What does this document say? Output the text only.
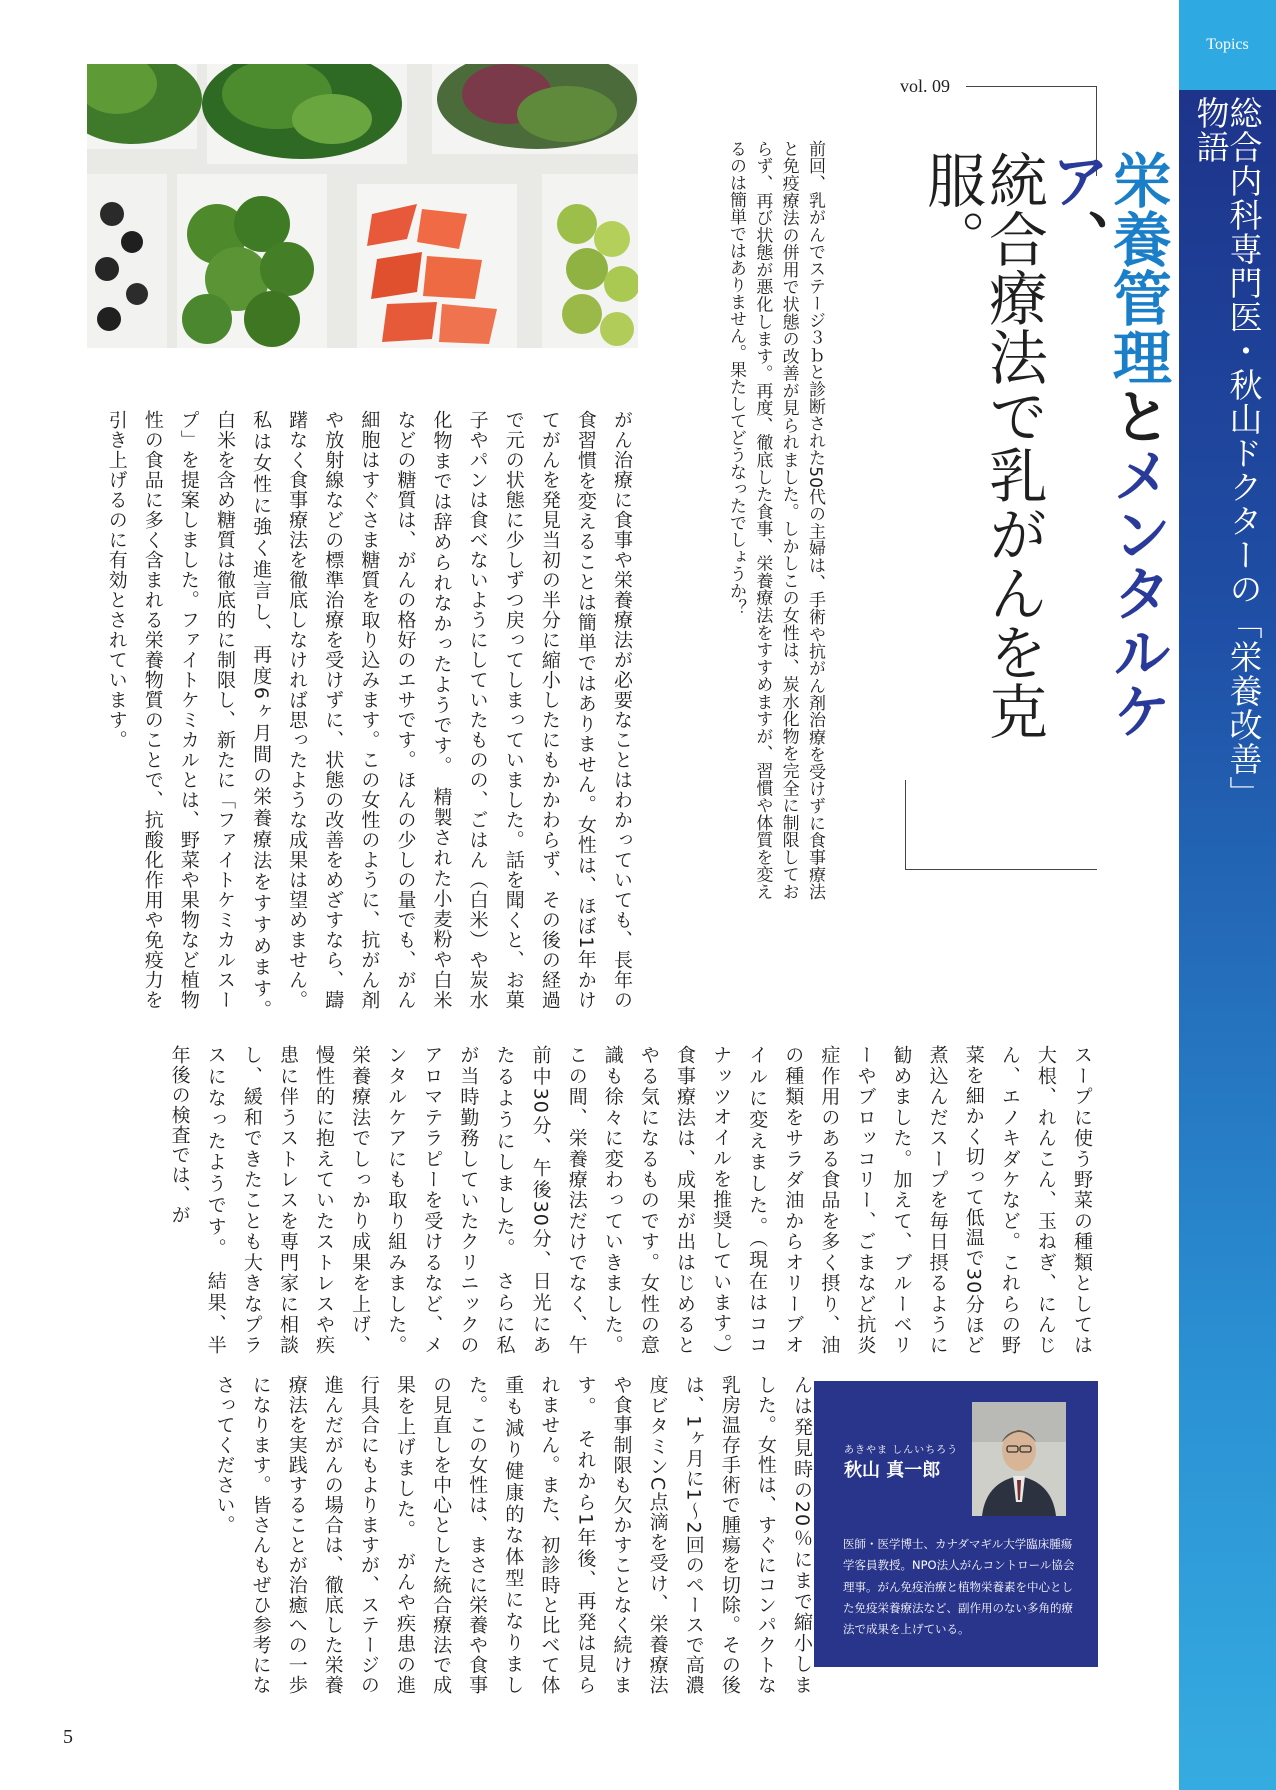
Topics
総合内科専門医・秋山ドクターの「栄養改善」物語
vol. 09
栄養管理とメンタルケア、
統合療法で乳がんを克服。
前回、乳がんでステージ３ｂと診断された50代の主婦は、手術や抗がん剤治療を受けずに食事療法と免疫療法の併用で状態の改善が見られました。しかしこの女性は、炭水化物を完全に制限しておらず、再び状態が悪化します。再度、徹底した食事、栄養療法をすすめますが、習慣や体質を変えるのは簡単ではありません。果たしてどうなったでしょうか？
がん治療に食事や栄養療法が必要なことはわかっていても、長年の食習慣を変えることは簡単ではありません。女性は、ほぼ1年かけてがんを発見当初の半分に縮小したにもかかわらず、その後の経過で元の状態に少しずつ戻ってしまっていました。話を聞くと、お菓子やパンは食べないようにしていたものの、ごはん（白米）や炭水化物までは辞められなかったようです。　精製された小麦粉や白米などの糖質は、がんの格好のエサです。ほんの少しの量でも、がん細胞はすぐさま糖質を取り込みます。この女性のように、抗がん剤や放射線などの標準治療を受けずに、状態の改善をめざすなら、躊躇なく食事療法を徹底しなければ思ったような成果は望めません。私は女性に強く進言し、再度6ヶ月間の栄養療法をすすめます。　白米を含め糖質は徹底的に制限し、新たに「ファイトケミカルスープ」を提案しました。ファイトケミカルとは、野菜や果物など植物性の食品に多く含まれる栄養物質のことで、抗酸化作用や免疫力を引き上げるのに有効とされています。
スープに使う野菜の種類としては大根、れんこん、玉ねぎ、にんじん、エノキダケなど。これらの野菜を細かく切って低温で30分ほど煮込んだスープを毎日摂るように勧めました。加えて、ブルーベリーやブロッコリー、ごまなど抗炎症作用のある食品を多く摂り、油の種類をサラダ油からオリーブオイルに変えました。（現在はココナッツオイルを推奨しています。）　食事療法は、成果が出はじめるとやる気になるものです。女性の意識も徐々に変わっていきました。この間、栄養療法だけでなく、午前中30分、午後30分、日光にあたるようにしました。　さらに私が当時勤務していたクリニックのアロマテラピーを受けるなど、メンタルケアにも取り組みました。栄養療法でしっかり成果を上げ、慢性的に抱えていたストレスや疾患に伴うストレスを専門家に相談し、緩和できたことも大きなプラスになったようです。　結果、半年後の検査では、が
んは発見時の20％にまで縮小しました。女性は、すぐにコンパクトな乳房温存手術で腫瘍を切除。その後は、1ヶ月に1～2回のペースで高濃度ビタミンC点滴を受け、栄養療法や食事制限も欠かすことなく続けます。　それから1年後、再発は見られません。また、初診時と比べて体重も減り健康的な体型になりました。この女性は、まさに栄養や食事の見直しを中心とした統合療法で成果を上げました。　がんや疾患の進行具合にもよりますが、ステージの進んだがんの場合は、徹底した栄養療法を実践することが治癒への一歩になります。皆さんもぜひ参考になさってください。	あきやま しんいちろう
秋山 真一郎
医師・医学博士、カナダマギル大学臨床腫瘍学客員教授。NPO法人がんコントロール協会理事。がん免疫治療と植物栄養素を中心とした免疫栄養療法など、副作用のない多角的療法で成果を上げている。
5
